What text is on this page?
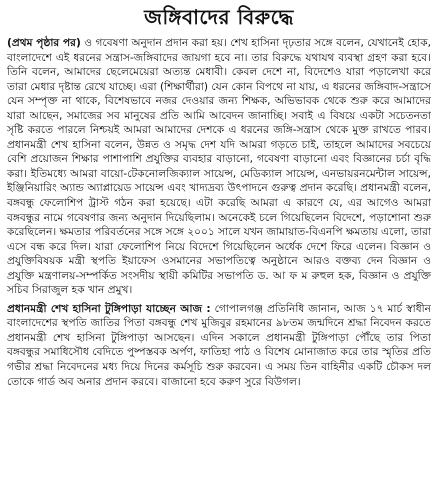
জঙ্গিবাদের বিরুদ্ধে

(প্রথম পৃষ্ঠার পর) ও গবেষণা অনুদান প্রদান করা হয়। শেখ হাসিনা দৃঢ়তার সঙ্গে বলেন, যেখানেই হোক, বাংলাদেশে এই ধরনের সন্ত্রাস-জঙ্গিবাদের জায়গা হবে না। তার বিরুদ্ধে যথাযথ ব্যবস্থা গ্রহণ করা হবে। তিনি বলেন, আমাদের ছেলেমেয়েরা অত্যন্ত মেধাবী। কেবল দেশে না, বিদেশেও যারা পড়ালেখা করে তারা মেধার দৃষ্টান্ত রেখে যাচ্ছে। এরা (শিক্ষার্থীরা) যেন কোন বিপথে না যায়, এ ধরনের জঙ্গিবাদ-সন্ত্রাসে যেন সম্পৃক্ত না থাকে, বিশেষভাবে নজর দেওয়ার জন্য শিক্ষক, অভিভাবক থেকে শুরু করে আমাদের যারা আছেন, সমাজের সব মানুষের প্রতি আমি আবেদন জানাচ্ছি। সবাই এ বিষয়ে একটা সচেতনতা সৃষ্টি করতে পারলে নিশ্চয়ই আমরা আমাদের দেশকে এ ধরনের জঙ্গি-সন্ত্রাস থেকে মুক্ত রাখতে পারব। প্রধানমন্ত্রী শেখ হাসিনা বলেন, উন্নত ও সমৃদ্ধ দেশ যদি আমরা গড়তে চাই, তাহলে আমাদের সবচেয়ে বেশি প্রয়োজন শিক্ষার পাশাপাশি প্রযুক্তির ব্যবহার বাড়ানো, গবেষণা বাড়ানো এবং বিজ্ঞানের চর্চা বৃদ্ধি করা। ইতিমধ্যে আমরা বায়ো-টেকনোলজিক্যাল সায়েন্স, মেডিক্যাল সায়েন্স, এনভায়রনমেন্টাল সায়েন্স, ইঞ্জিনিয়ারিং অ্যান্ড অ্যাপ্লায়েড সায়েন্স এবং খাদ্যদ্রব্য উৎপাদনে গুরুত্ব প্রদান করেছি। প্রধানমন্ত্রী বলেন, বঙ্গবন্ধু ফেলোশিপ ট্রাস্ট গঠন করা হয়েছে। এটা করেছি আমরা এ কারণে যে, এর আগেও আমরা বঙ্গবন্ধুর নামে গবেষণার জন্য অনুদান দিয়েছিলাম। অনেকেই চলে গিয়েছিলেন বিদেশে, পড়াশোনা শুরু করেছিলেন। ক্ষমতার পরিবর্তনের সঙ্গে সঙ্গে ২০০১ সালে যখন জামায়াত-বিএনপি ক্ষমতায় এলো, তারা এসে বন্ধ করে দিল। যারা ফেলোশিপ নিয়ে বিদেশে গিয়েছিলেন অর্ধেক দেশে ফিরে এলেন। বিজ্ঞান ও প্রযুক্তিবিষয়ক মন্ত্রী স্থপতি ইয়াফেস ওসমানের সভাপতিত্বে অনুষ্ঠানে আরও বক্তব্য দেন বিজ্ঞান ও প্রযুক্তি মন্ত্রণালয়-সম্পর্কিত সংসদীয় স্থায়ী কমিটির সভাপতি ড. আ ফ ম রুহুল হক, বিজ্ঞান ও প্রযুক্তি সচিব সিরাজুল হক খান প্রমুখ।

প্রধানমন্ত্রী শেখ হাসিনা টুঙ্গিপাড়া যাচ্ছেন আজ : গোপালগঞ্জ প্রতিনিধি জানান, আজ ১৭ মার্চ স্বাধীন বাংলাদেশের স্থপতি জাতির পিতা বঙ্গবন্ধু শেখ মুজিবুর রহমানের ৯৮তম জন্মদিনে শ্রদ্ধা নিবেদন করতে প্রধানমন্ত্রী শেখ হাসিনা টুঙ্গিপাড়া আসছেন। এদিন সকালে প্রধানমন্ত্রী টুঙ্গিপাড়া পৌঁছে তার পিতা বঙ্গবন্ধুর সমাধিসৌধ বেদিতে পুষ্পস্তবক অর্পণ, ফাতিহা পাঠ ও বিশেষ মোনাজাত করে তার স্মৃতির প্রতি গভীর শ্রদ্ধা নিবেদনের মধ্য দিয়ে দিনের কর্মসূচি শুরু করবেন। এ সময় তিন বাহিনীর একটি চৌকস দল তোকে গার্ড অব অনার প্রদান করবে। বাজানো হবে করুণ সুরে বিউগল।
